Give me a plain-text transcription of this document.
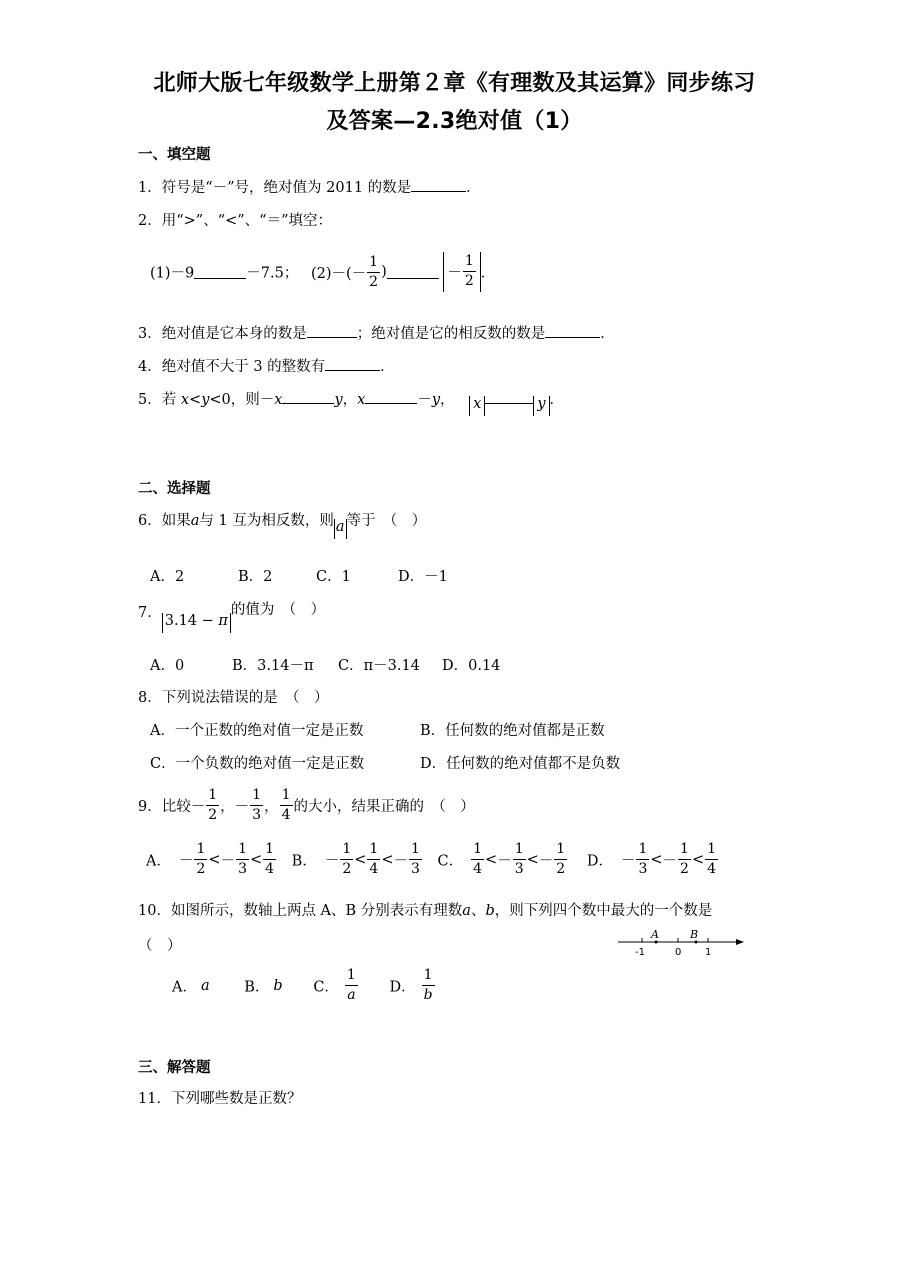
北师大版七年级数学上册第２章《有理数及其运算》同步练习
及答案—2.3绝对值（1）
一、填空题
1．符号是“－”号，绝对值为 2011 的数是	．
2．用“>”、“<”、“＝”填空：
(1)－9	－7.5； $(2)-(- \frac{1}{2}$ )	－ $\frac{1}{2}$ ．
3．绝对值是它本身的数是	；绝对值是它的相反数的数是	．
4．绝对值不大于 3 的整数有	．
5．若 x<y<0，则－x	y，x	－y， x	y ．
二、选择题
6．如果a与 1 互为相反数，则 a 等于　（　）
A．2	B．2	C．1	D．－1
7． 3.14 − π的值为　（　）
A．0	B．3.14－π C．π－3.14 D．0.14
8．下列说法错误的是　（　）
A．一个正数的绝对值一定是正数	B．任何数的绝对值都是正数
C．一个负数的绝对值一定是正数	D．任何数的绝对值都不是负数
9．比较－ $\frac{1}{2}$ ，－ $\frac{1}{3}$ ， $\frac{1}{4}$ 的大小，结果正确的　（　）
A． － $\frac{1}{2} <- \frac{1}{3} < \frac{1}{4}$ B． － $\frac{1}{2} < \frac{1}{4} <- \frac{1}{3}$ C． $\frac{1}{4} <- \frac{1}{3} <- \frac{1}{2}$ D． － $\frac{1}{3} <- \frac{1}{2} < \frac{1}{4}$
10．如图所示，数轴上两点 A、B 分别表示有理数a、b，则下列四个数中最大的一个数是
（　）
A	B
-1	0 1
A． a B． b C． $\frac{1}{a}$ D． $\frac{1}{b}$
三、解答题
11．下列哪些数是正数？
